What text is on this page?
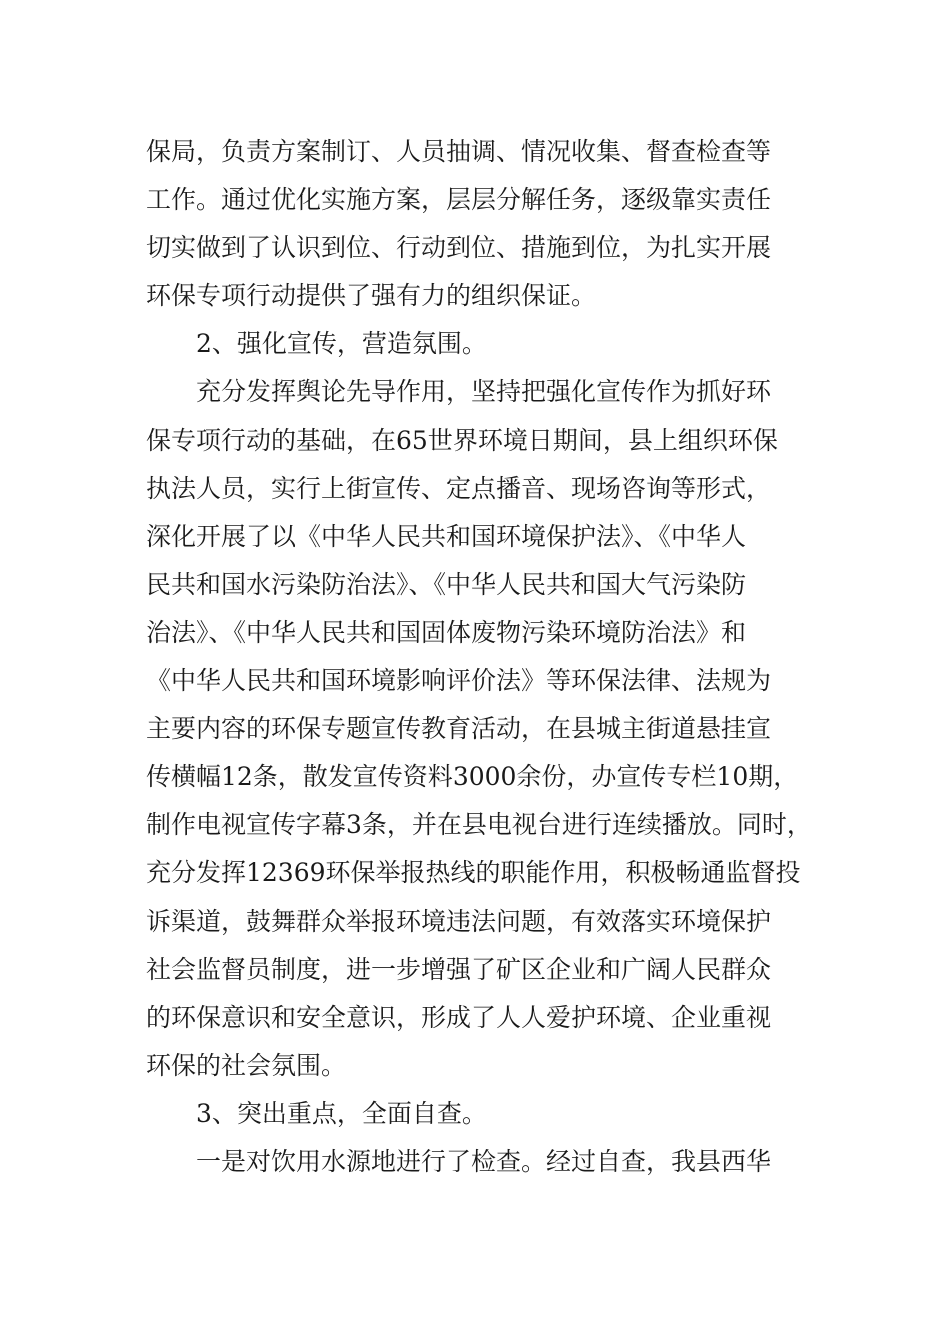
保局，负责方案制订、人员抽调、情况收集、督查检查等
工作。通过优化实施方案，层层分解任务，逐级靠实责任
切实做到了认识到位、行动到位、措施到位，为扎实开展
环保专项行动提供了强有力的组织保证。
2、强化宣传，营造氛围。
充分发挥舆论先导作用，坚持把强化宣传作为抓好环
保专项行动的基础，在65世界环境日期间，县上组织环保
执法人员，实行上街宣传、定点播音、现场咨询等形式，
深化开展了以《中华人民共和国环境保护法》、《中华人
民共和国水污染防治法》、《中华人民共和国大气污染防
治法》、《中华人民共和国固体废物污染环境防治法》和
《中华人民共和国环境影响评价法》等环保法律、法规为
主要内容的环保专题宣传教育活动，在县城主街道悬挂宣
传横幅12条，散发宣传资料3000余份，办宣传专栏10期，
制作电视宣传字幕3条，并在县电视台进行连续播放。同时，
充分发挥12369环保举报热线的职能作用，积极畅通监督投
诉渠道，鼓舞群众举报环境违法问题，有效落实环境保护
社会监督员制度，进一步增强了矿区企业和广阔人民群众
的环保意识和安全意识，形成了人人爱护环境、企业重视
环保的社会氛围。
3、突出重点，全面自查。
一是对饮用水源地进行了检查。经过自查，我县西华
